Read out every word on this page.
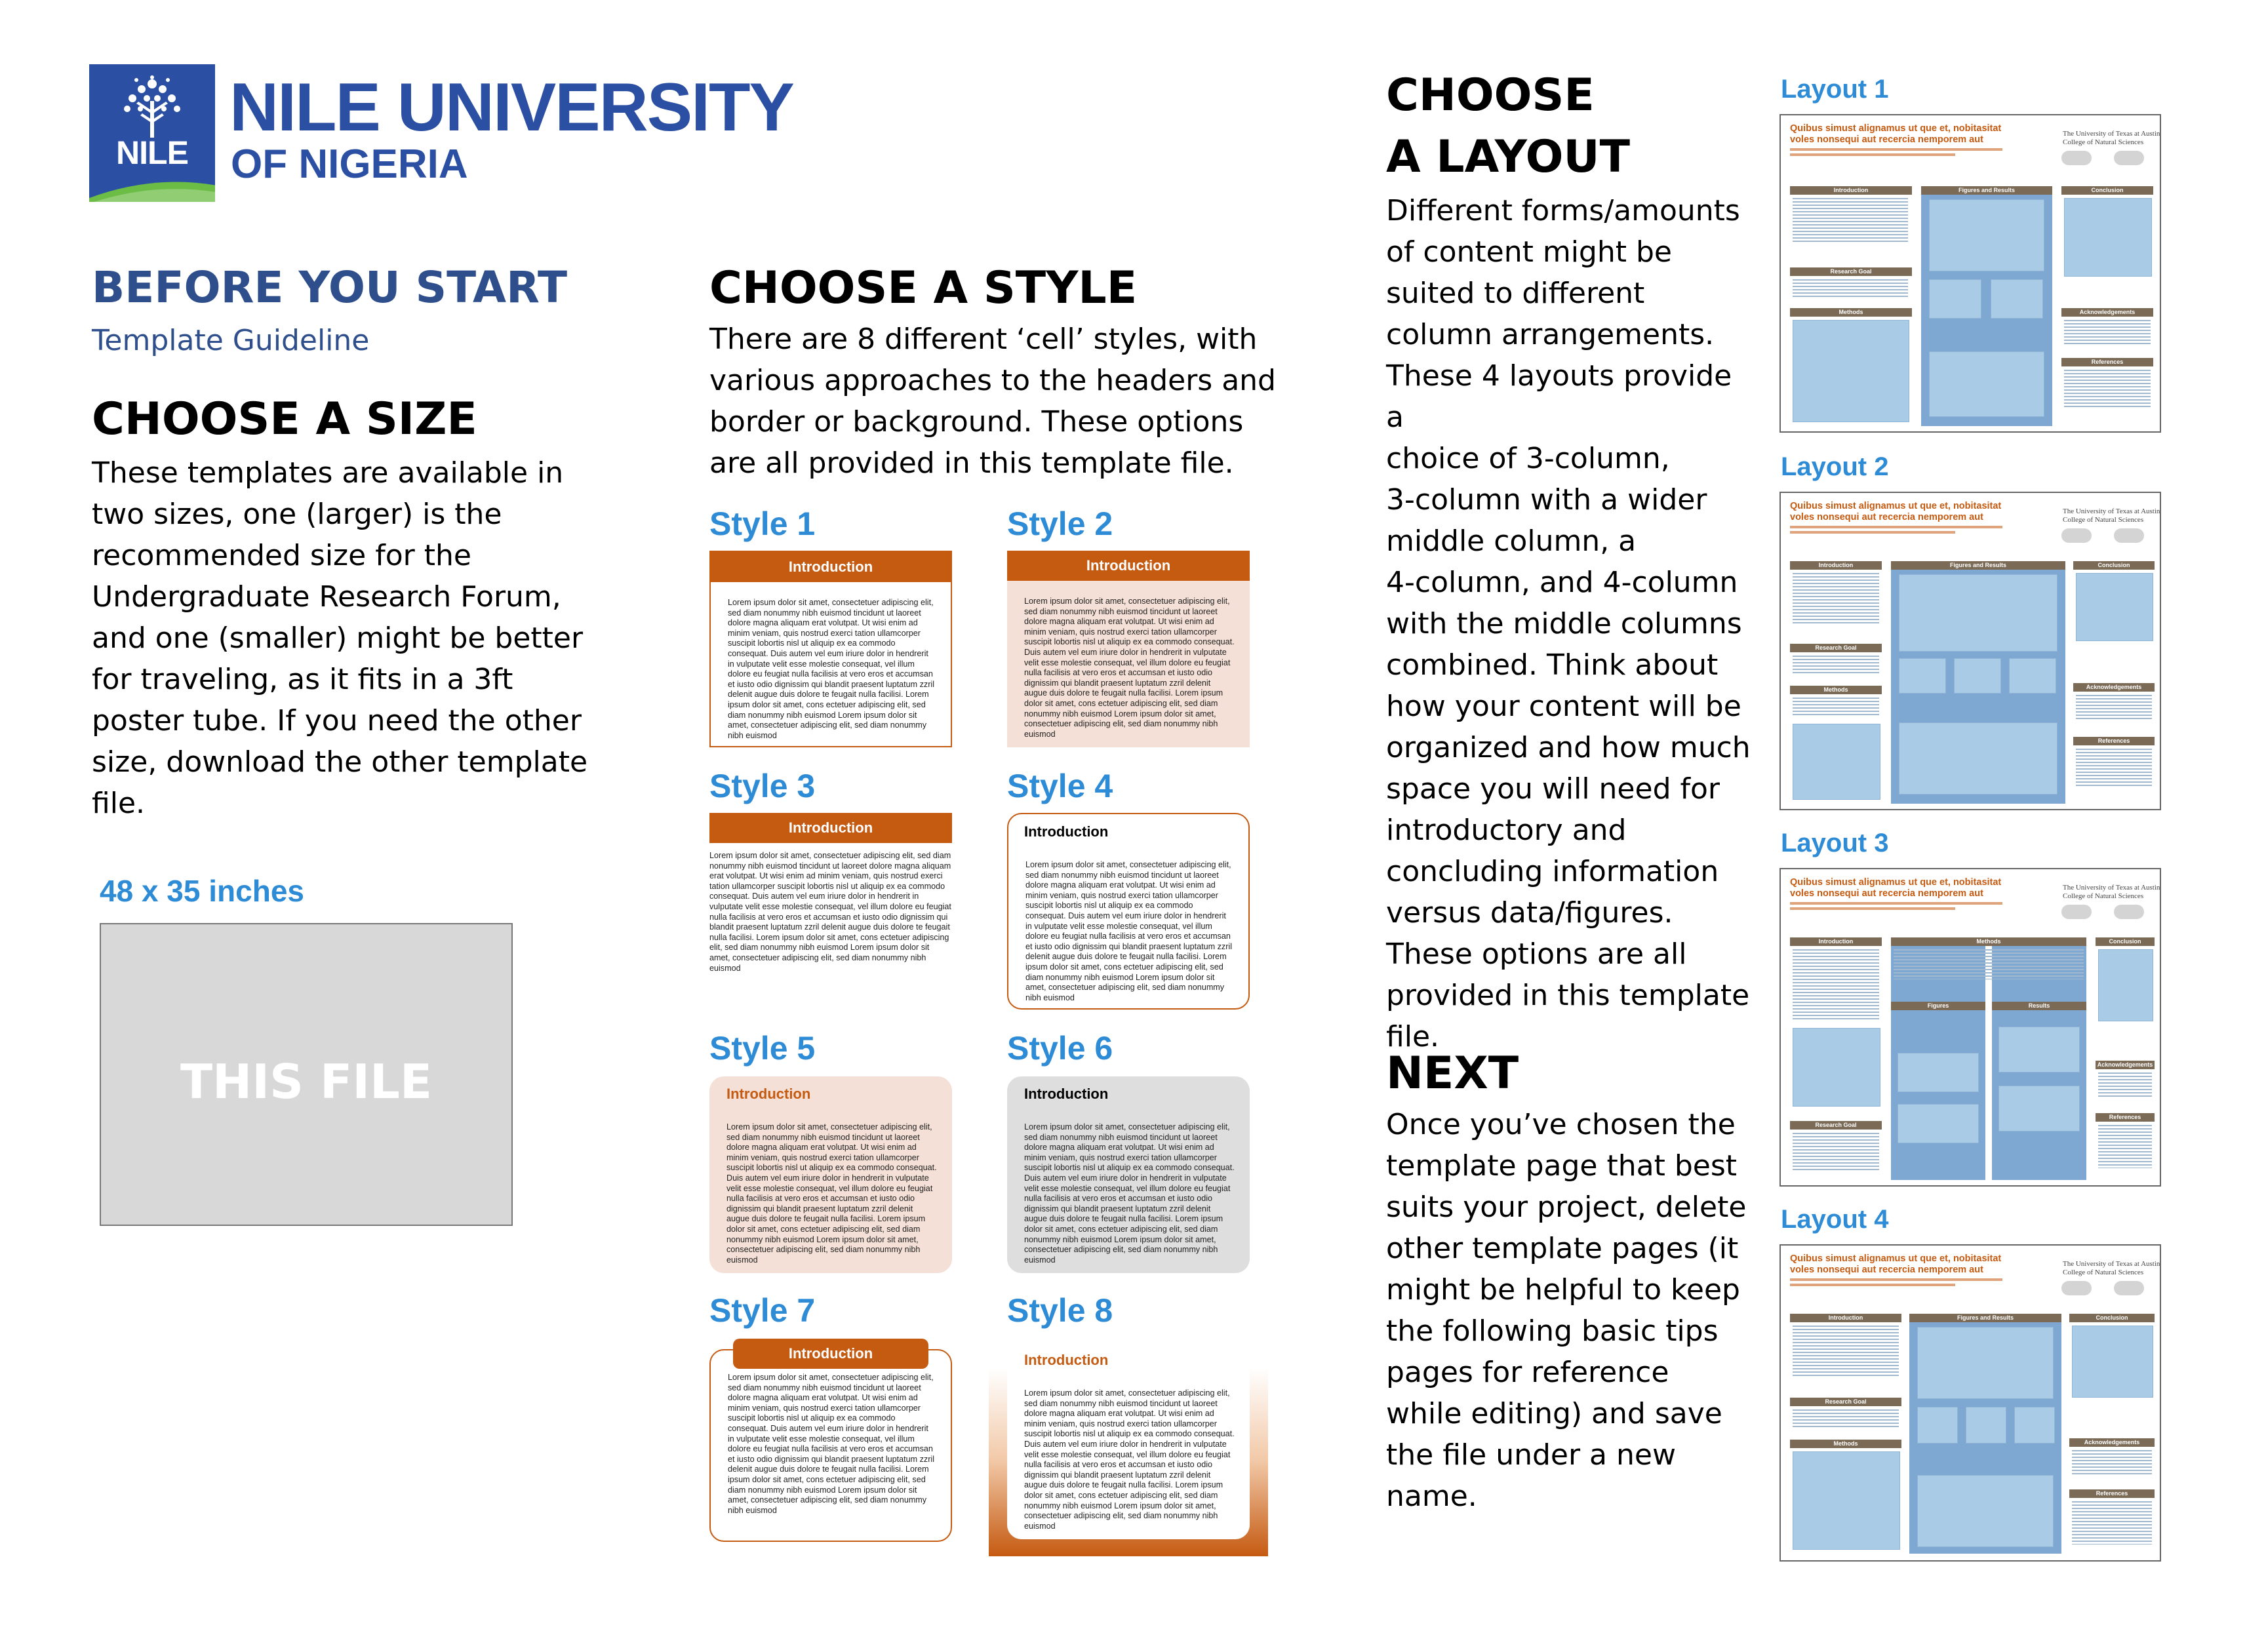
NILE
NILE UNIVERSITY
OF NIGERIA
BEFORE YOU START
Template Guideline
CHOOSE A SIZE
These templates are available in
two sizes, one (larger) is the
recommended size for the
Undergraduate Research Forum,
and one (smaller) might be better
for traveling, as it fits in a 3ft
poster tube. If you need the other
size, download the other template
file.
48 x 35 inches
THIS FILE
CHOOSE A STYLE
There are 8 different ‘cell’ styles, with
various approaches to the headers and
border or background. These options
are all provided in this template file.
Style 1
Introduction
Lorem ipsum dolor sit amet, consectetuer adipiscing elit, sed diam nonummy nibh euismod tincidunt ut laoreet dolore magna aliquam erat volutpat. Ut wisi enim ad minim veniam, quis nostrud exerci tation ullamcorper suscipit lobortis nisl ut aliquip ex ea commodo consequat. Duis autem vel eum iriure dolor in hendrerit in vulputate velit esse molestie consequat, vel illum dolore eu feugiat nulla facilisis at vero eros et accumsan et iusto odio dignissim qui blandit praesent luptatum zzril delenit augue duis dolore te feugait nulla facilisi. Lorem ipsum dolor sit amet, cons ectetuer adipiscing elit, sed diam nonummy nibh euismod Lorem ipsum dolor sit amet, consectetuer adipiscing elit, sed diam nonummy nibh euismod
Style 2
Introduction
Lorem ipsum dolor sit amet, consectetuer adipiscing elit, sed diam nonummy nibh euismod tincidunt ut laoreet dolore magna aliquam erat volutpat. Ut wisi enim ad minim veniam, quis nostrud exerci tation ullamcorper suscipit lobortis nisl ut aliquip ex ea commodo consequat. Duis autem vel eum iriure dolor in hendrerit in vulputate velit esse molestie consequat, vel illum dolore eu feugiat nulla facilisis at vero eros et accumsan et iusto odio dignissim qui blandit praesent luptatum zzril delenit augue duis dolore te feugait nulla facilisi. Lorem ipsum dolor sit amet, cons ectetuer adipiscing elit, sed diam nonummy nibh euismod Lorem ipsum dolor sit amet, consectetuer adipiscing elit, sed diam nonummy nibh euismod
Style 3
Introduction
Lorem ipsum dolor sit amet, consectetuer adipiscing elit, sed diam nonummy nibh euismod tincidunt ut laoreet dolore magna aliquam erat volutpat. Ut wisi enim ad minim veniam, quis nostrud exerci tation ullamcorper suscipit lobortis nisl ut aliquip ex ea commodo consequat. Duis autem vel eum iriure dolor in hendrerit in vulputate velit esse molestie consequat, vel illum dolore eu feugiat nulla facilisis at vero eros et accumsan et iusto odio dignissim qui blandit praesent luptatum zzril delenit augue duis dolore te feugait nulla facilisi. Lorem ipsum dolor sit amet, cons ectetuer adipiscing elit, sed diam nonummy nibh euismod Lorem ipsum dolor sit amet, consectetuer adipiscing elit, sed diam nonummy nibh euismod
Style 4
Introduction
Lorem ipsum dolor sit amet, consectetuer adipiscing elit, sed diam nonummy nibh euismod tincidunt ut laoreet dolore magna aliquam erat volutpat. Ut wisi enim ad minim veniam, quis nostrud exerci tation ullamcorper suscipit lobortis nisl ut aliquip ex ea commodo consequat. Duis autem vel eum iriure dolor in hendrerit in vulputate velit esse molestie consequat, vel illum dolore eu feugiat nulla facilisis at vero eros et accumsan et iusto odio dignissim qui blandit praesent luptatum zzril delenit augue duis dolore te feugait nulla facilisi. Lorem ipsum dolor sit amet, cons ectetuer adipiscing elit, sed diam nonummy nibh euismod Lorem ipsum dolor sit amet, consectetuer adipiscing elit, sed diam nonummy nibh euismod
Style 5
Introduction
Lorem ipsum dolor sit amet, consectetuer adipiscing elit, sed diam nonummy nibh euismod tincidunt ut laoreet dolore magna aliquam erat volutpat. Ut wisi enim ad minim veniam, quis nostrud exerci tation ullamcorper suscipit lobortis nisl ut aliquip ex ea commodo consequat. Duis autem vel eum iriure dolor in hendrerit in vulputate velit esse molestie consequat, vel illum dolore eu feugiat nulla facilisis at vero eros et accumsan et iusto odio dignissim qui blandit praesent luptatum zzril delenit augue duis dolore te feugait nulla facilisi. Lorem ipsum dolor sit amet, cons ectetuer adipiscing elit, sed diam nonummy nibh euismod Lorem ipsum dolor sit amet, consectetuer adipiscing elit, sed diam nonummy nibh euismod
Style 6
Introduction
Lorem ipsum dolor sit amet, consectetuer adipiscing elit, sed diam nonummy nibh euismod tincidunt ut laoreet dolore magna aliquam erat volutpat. Ut wisi enim ad minim veniam, quis nostrud exerci tation ullamcorper suscipit lobortis nisl ut aliquip ex ea commodo consequat. Duis autem vel eum iriure dolor in hendrerit in vulputate velit esse molestie consequat, vel illum dolore eu feugiat nulla facilisis at vero eros et accumsan et iusto odio dignissim qui blandit praesent luptatum zzril delenit augue duis dolore te feugait nulla facilisi. Lorem ipsum dolor sit amet, cons ectetuer adipiscing elit, sed diam nonummy nibh euismod Lorem ipsum dolor sit amet, consectetuer adipiscing elit, sed diam nonummy nibh euismod
Style 7
Lorem ipsum dolor sit amet, consectetuer adipiscing elit, sed diam nonummy nibh euismod tincidunt ut laoreet dolore magna aliquam erat volutpat. Ut wisi enim ad minim veniam, quis nostrud exerci tation ullamcorper suscipit lobortis nisl ut aliquip ex ea commodo consequat. Duis autem vel eum iriure dolor in hendrerit in vulputate velit esse molestie consequat, vel illum dolore eu feugiat nulla facilisis at vero eros et accumsan et iusto odio dignissim qui blandit praesent luptatum zzril delenit augue duis dolore te feugait nulla facilisi. Lorem ipsum dolor sit amet, cons ectetuer adipiscing elit, sed diam nonummy nibh euismod Lorem ipsum dolor sit amet, consectetuer adipiscing elit, sed diam nonummy nibh euismod
Introduction
Style 8
Introduction
Lorem ipsum dolor sit amet, consectetuer adipiscing elit, sed diam nonummy nibh euismod tincidunt ut laoreet dolore magna aliquam erat volutpat. Ut wisi enim ad minim veniam, quis nostrud exerci tation ullamcorper suscipit lobortis nisl ut aliquip ex ea commodo consequat. Duis autem vel eum iriure dolor in hendrerit in vulputate velit esse molestie consequat, vel illum dolore eu feugiat nulla facilisis at vero eros et accumsan et iusto odio dignissim qui blandit praesent luptatum zzril delenit augue duis dolore te feugait nulla facilisi. Lorem ipsum dolor sit amet, cons ectetuer adipiscing elit, sed diam nonummy nibh euismod Lorem ipsum dolor sit amet, consectetuer adipiscing elit, sed diam nonummy nibh euismod
CHOOSE
A LAYOUT
Different forms/amounts
of content might be
suited to different
column arrangements.
These 4 layouts provide a
choice of 3-column,
3-column with a wider
middle column, a
4-column, and 4-column
with the middle columns
combined. Think about
how your content will be
organized and how much
space you will need for
introductory and
concluding information
versus data/figures.
These options are all
provided in this template
file.
NEXT
Once you’ve chosen the
template page that best
suits your project, delete
other template pages (it
might be helpful to keep
the following basic tips
pages for reference
while editing) and save
the file under a new
name.
Layout 1
Quibus simust alignamus ut que et, nobitasitat voles nonsequi aut recercia nemporem aut
The University of Texas at Austin
College of Natural Sciences
Introduction
Research Goal
Methods
Figures and Results	Conclusion
Acknowledgements
References
Layout 2
Quibus simust alignamus ut que et, nobitasitat voles nonsequi aut recercia nemporem aut
The University of Texas at Austin
College of Natural Sciences
Introduction
Research Goal
Methods
Figures and Results	Conclusion
Acknowledgements
References
Layout 3
Quibus simust alignamus ut que et, nobitasitat voles nonsequi aut recercia nemporem aut
The University of Texas at Austin
College of Natural Sciences
Introduction
Research Goal
Methods
Figures	Results
Conclusion
Acknowledgements
References
Layout 4
Quibus simust alignamus ut que et, nobitasitat voles nonsequi aut recercia nemporem aut
The University of Texas at Austin
College of Natural Sciences
Introduction
Research Goal
Methods
Figures and Results	Conclusion
Acknowledgements
References
